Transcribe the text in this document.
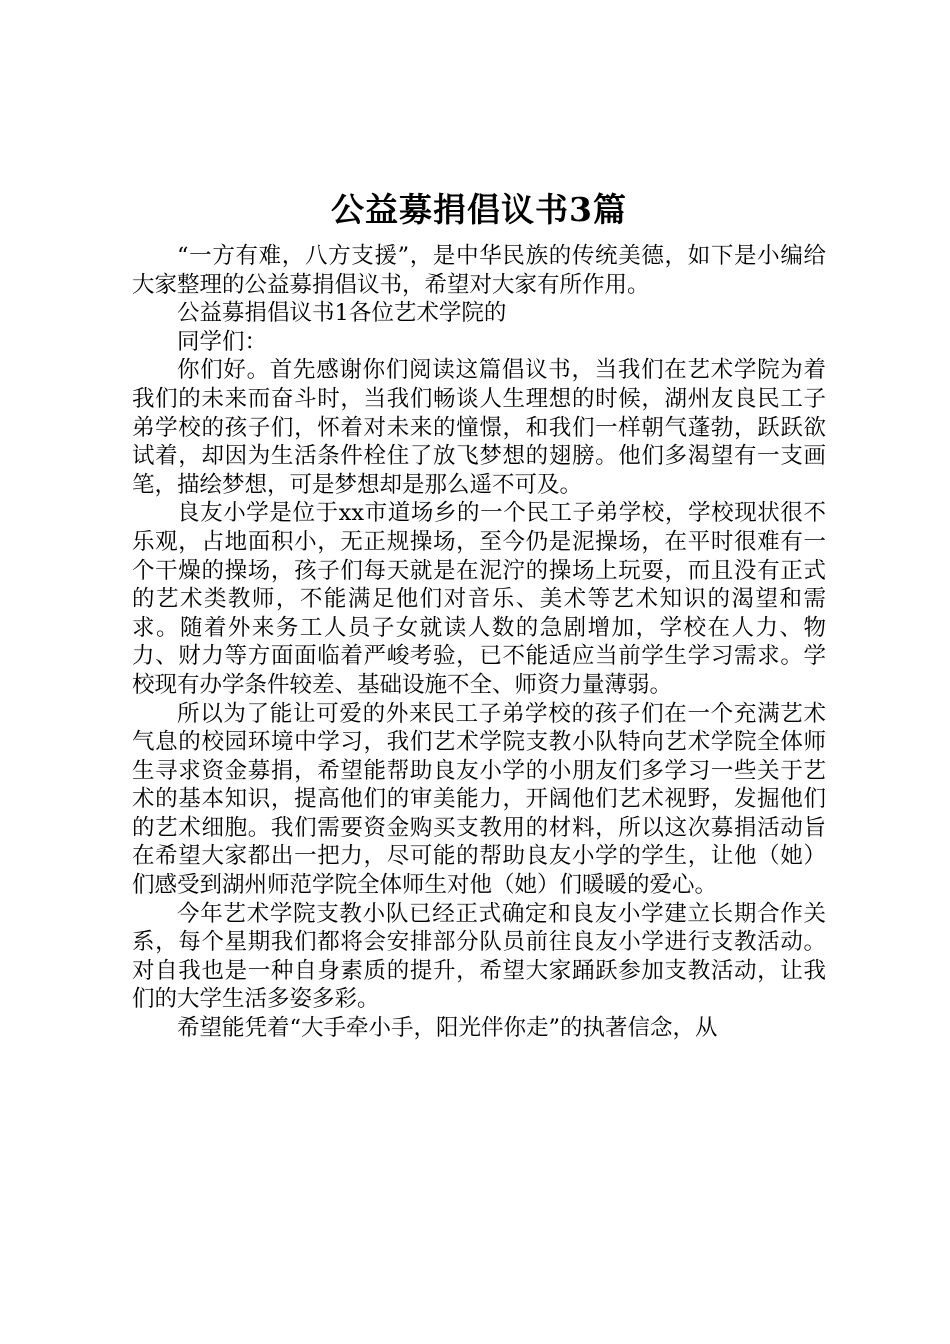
公益募捐倡议书3篇

“一方有难，八方支援”，是中华民族的传统美德，如下是小编给大家整理的公益募捐倡议书，希望对大家有所作用。

公益募捐倡议书1各位艺术学院的

同学们：

你们好。首先感谢你们阅读这篇倡议书，当我们在艺术学院为着我们的未来而奋斗时，当我们畅谈人生理想的时候，湖州友良民工子弟学校的孩子们，怀着对未来的憧憬，和我们一样朝气蓬勃，跃跃欲试着，却因为生活条件栓住了放飞梦想的翅膀。他们多渴望有一支画笔，描绘梦想，可是梦想却是那么遥不可及。

良友小学是位于xx市道场乡的一个民工子弟学校，学校现状很不乐观，占地面积小，无正规操场，至今仍是泥操场，在平时很难有一个干燥的操场，孩子们每天就是在泥泞的操场上玩耍，而且没有正式的艺术类教师，不能满足他们对音乐、美术等艺术知识的渴望和需求。随着外来务工人员子女就读人数的急剧增加，学校在人力、物力、财力等方面面临着严峻考验，已不能适应当前学生学习需求。学校现有办学条件较差、基础设施不全、师资力量薄弱。

所以为了能让可爱的外来民工子弟学校的孩子们在一个充满艺术气息的校园环境中学习，我们艺术学院支教小队特向艺术学院全体师生寻求资金募捐，希望能帮助良友小学的小朋友们多学习一些关于艺术的基本知识，提高他们的审美能力，开阔他们艺术视野，发掘他们的艺术细胞。我们需要资金购买支教用的材料，所以这次募捐活动旨在希望大家都出一把力，尽可能的帮助良友小学的学生，让他（她）们感受到湖州师范学院全体师生对他（她）们暖暖的爱心。

今年艺术学院支教小队已经正式确定和良友小学建立长期合作关系，每个星期我们都将会安排部分队员前往良友小学进行支教活动。对自我也是一种自身素质的提升，希望大家踊跃参加支教活动，让我们的大学生活多姿多彩。

希望能凭着“大手牵小手，阳光伴你走”的执著信念，从
